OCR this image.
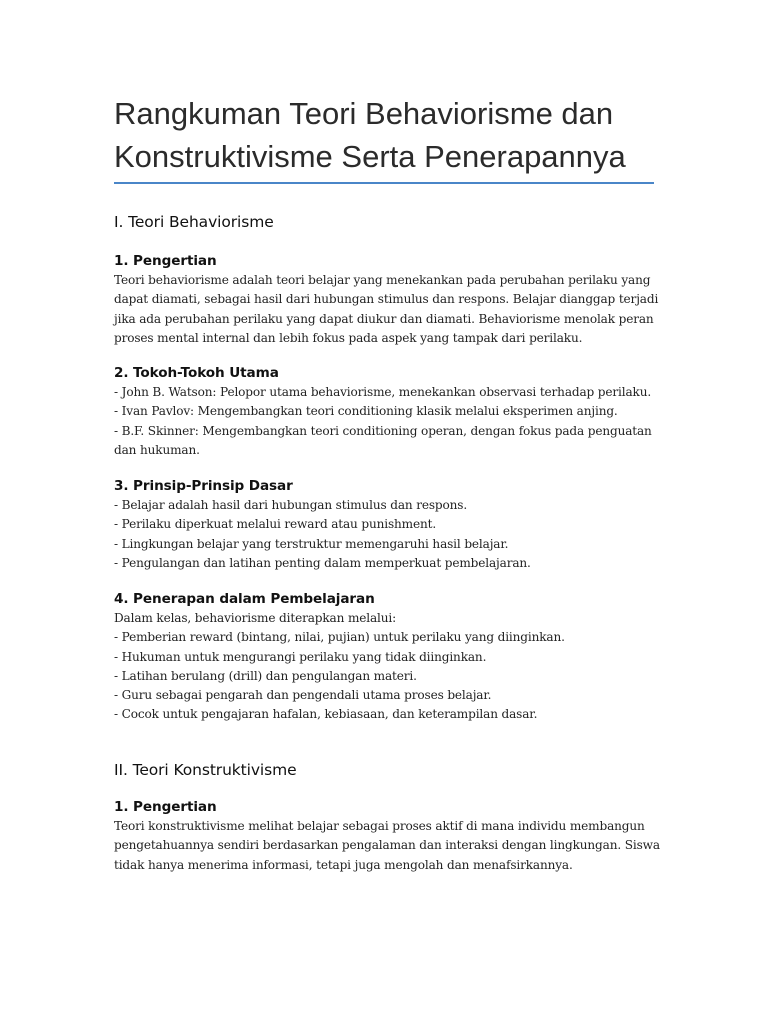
Rangkuman Teori Behaviorisme dan
Konstruktivisme Serta Penerapannya
I. Teori Behaviorisme
1. Pengertian

Teori behaviorisme adalah teori belajar yang menekankan pada perubahan perilaku yang

dapat diamati, sebagai hasil dari hubungan stimulus dan respons. Belajar dianggap terjadi

jika ada perubahan perilaku yang dapat diukur dan diamati. Behaviorisme menolak peran

proses mental internal dan lebih fokus pada aspek yang tampak dari perilaku.

2. Tokoh-Tokoh Utama

- John B. Watson: Pelopor utama behaviorisme, menekankan observasi terhadap perilaku.

- Ivan Pavlov: Mengembangkan teori conditioning klasik melalui eksperimen anjing.

- B.F. Skinner: Mengembangkan teori conditioning operan, dengan fokus pada penguatan

dan hukuman.

3. Prinsip-Prinsip Dasar

- Belajar adalah hasil dari hubungan stimulus dan respons.

- Perilaku diperkuat melalui reward atau punishment.

- Lingkungan belajar yang terstruktur memengaruhi hasil belajar.

- Pengulangan dan latihan penting dalam memperkuat pembelajaran.

4. Penerapan dalam Pembelajaran

Dalam kelas, behaviorisme diterapkan melalui:

- Pemberian reward (bintang, nilai, pujian) untuk perilaku yang diinginkan.

- Hukuman untuk mengurangi perilaku yang tidak diinginkan.

- Latihan berulang (drill) dan pengulangan materi.

- Guru sebagai pengarah dan pengendali utama proses belajar.

- Cocok untuk pengajaran hafalan, kebiasaan, dan keterampilan dasar.

II. Teori Konstruktivisme
1. Pengertian

Teori konstruktivisme melihat belajar sebagai proses aktif di mana individu membangun

pengetahuannya sendiri berdasarkan pengalaman dan interaksi dengan lingkungan. Siswa

tidak hanya menerima informasi, tetapi juga mengolah dan menafsirkannya.
